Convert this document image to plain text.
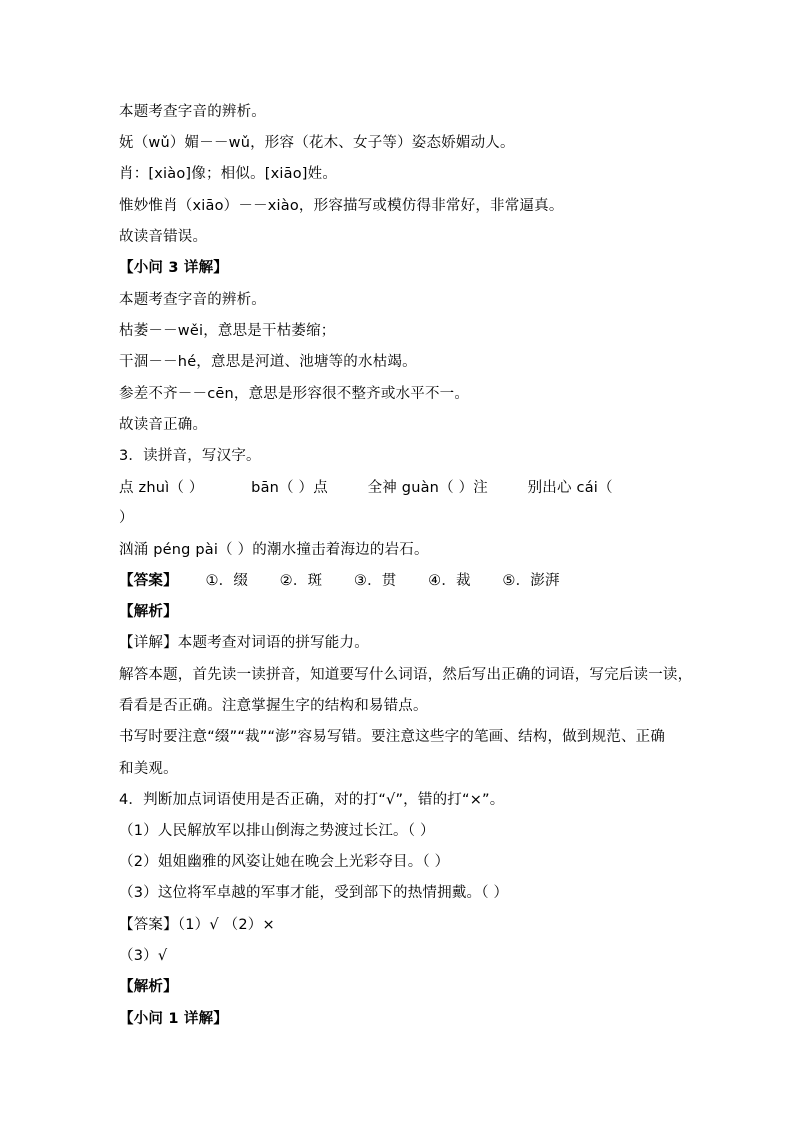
本题考查字音的辨析。
妩（wǔ）媚－－wǔ，形容（花木、女子等）姿态娇媚动人。
肖：[xiào]像；相似。[xiāo]姓。
惟妙惟肖（xiāo）－－xiào，形容描写或模仿得非常好，非常逼真。
故读音错误。
【小问 3 详解】
本题考查字音的辨析。
枯萎－－wěi，意思是干枯萎缩；
干涸－－hé，意思是河道、池塘等的水枯竭。
参差不齐－－cēn，意思是形容很不整齐或水平不一。
故读音正确。
3．读拼音，写汉字。
点 zhuì（ ）	bān（ ）点	全神 guàn（ ）注	别出心 cái（
）
汹涌 péng pài（ ）的潮水撞击着海边的岩石。
【答案】 ①．缀 ②．斑 ③．贯 ④．裁 ⑤．澎湃
【解析】
【详解】本题考查对词语的拼写能力。
解答本题，首先读一读拼音，知道要写什么词语，然后写出正确的词语，写完后读一读，
看看是否正确。注意掌握生字的结构和易错点。
书写时要注意“缀”“裁”“澎”容易写错。要注意这些字的笔画、结构，做到规范、正确
和美观。
4．判断加点词语使用是否正确，对的打“√”，错的打“×”。
（1）人民解放军以排山倒海之势渡过长江。（ ）
（2）姐姐幽雅的风姿让她在晚会上光彩夺目。（ ）
（3）这位将军卓越的军事才能，受到部下的热情拥戴。（ ）
【答案】（1）√ （2）×
（3）√
【解析】
【小问 1 详解】
